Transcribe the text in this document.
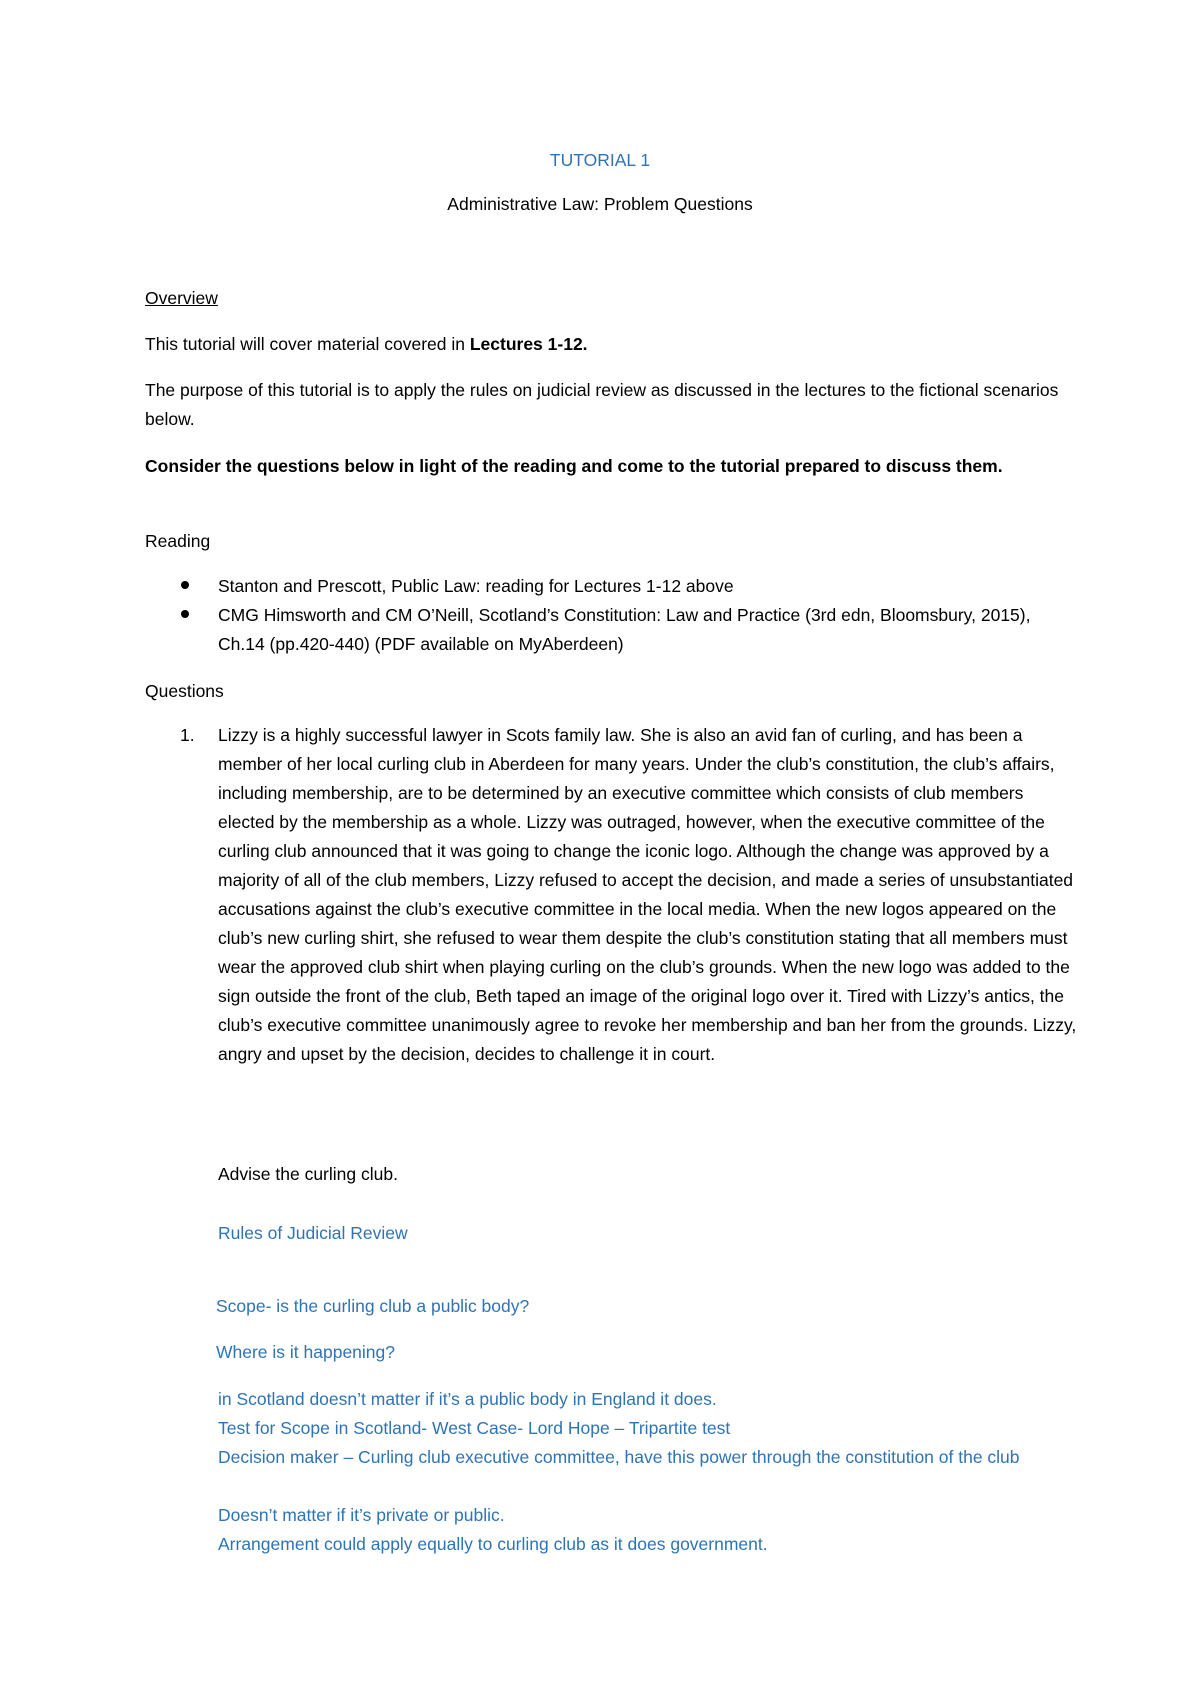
TUTORIAL 1
Administrative Law: Problem Questions
Overview
This tutorial will cover material covered in Lectures 1-12.
The purpose of this tutorial is to apply the rules on judicial review as discussed in the lectures to the fictional scenarios below.
Consider the questions below in light of the reading and come to the tutorial prepared to discuss them.
Reading
Stanton and Prescott, Public Law: reading for Lectures 1-12 above
CMG Himsworth and CM O’Neill, Scotland’s Constitution: Law and Practice (3rd edn, Bloomsbury, 2015), Ch.14 (pp.420-440) (PDF available on MyAberdeen)
Questions
1. Lizzy is a highly successful lawyer in Scots family law. She is also an avid fan of curling, and has been a member of her local curling club in Aberdeen for many years. Under the club’s constitution, the club’s affairs, including membership, are to be determined by an executive committee which consists of club members elected by the membership as a whole. Lizzy was outraged, however, when the executive committee of the curling club announced that it was going to change the iconic logo. Although the change was approved by a majority of all of the club members, Lizzy refused to accept the decision, and made a series of unsubstantiated accusations against the club’s executive committee in the local media. When the new logos appeared on the club’s new curling shirt, she refused to wear them despite the club’s constitution stating that all members must wear the approved club shirt when playing curling on the club’s grounds. When the new logo was added to the sign outside the front of the club, Beth taped an image of the original logo over it. Tired with Lizzy’s antics, the club’s executive committee unanimously agree to revoke her membership and ban her from the grounds. Lizzy, angry and upset by the decision, decides to challenge it in court.
Advise the curling club.
Rules of Judicial Review
Scope- is the curling club a public body?
Where is it happening?
in Scotland doesn’t matter if it’s a public body in England it does.
Test for Scope in Scotland- West Case- Lord Hope – Tripartite test
Decision maker – Curling club executive committee, have this power through the constitution of the club
Doesn’t matter if it’s private or public.
Arrangement could apply equally to curling club as it does government.
